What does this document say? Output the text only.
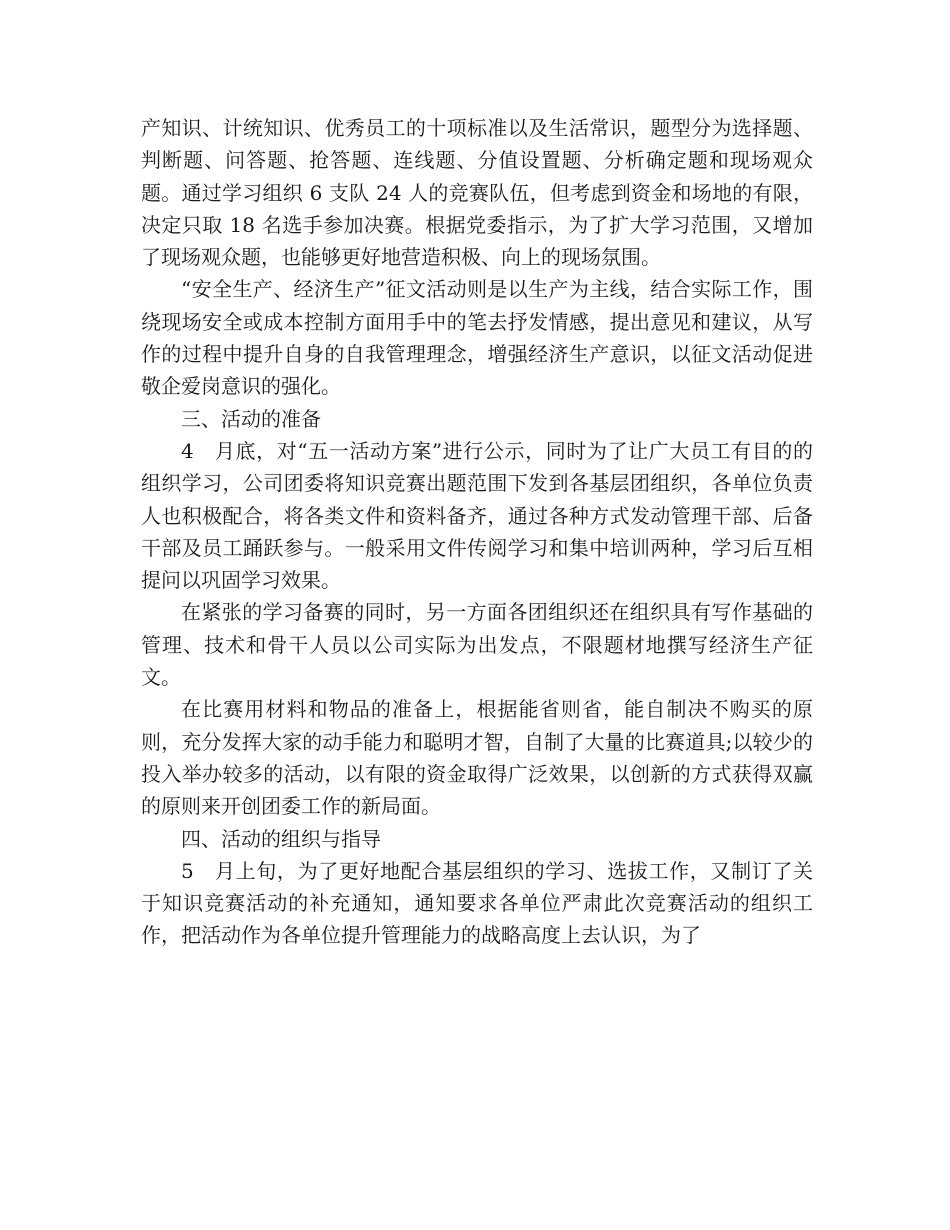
产知识、计统知识、优秀员工的十项标准以及生活常识，题型分为选择题、判断题、问答题、抢答题、连线题、分值设置题、分析确定题和现场观众题。通过学习组织 6 支队 24 人的竞赛队伍，但考虑到资金和场地的有限，决定只取 18 名选手参加决赛。根据党委指示，为了扩大学习范围，又增加了现场观众题，也能够更好地营造积极、向上的现场氛围。

“安全生产、经济生产”征文活动则是以生产为主线，结合实际工作，围绕现场安全或成本控制方面用手中的笔去抒发情感，提出意见和建议，从写作的过程中提升自身的自我管理理念，增强经济生产意识，以征文活动促进敬企爱岗意识的强化。

三、活动的准备

4　月底，对“五一活动方案”进行公示，同时为了让广大员工有目的的组织学习，公司团委将知识竞赛出题范围下发到各基层团组织，各单位负责人也积极配合，将各类文件和资料备齐，通过各种方式发动管理干部、后备干部及员工踊跃参与。一般采用文件传阅学习和集中培训两种，学习后互相提问以巩固学习效果。

在紧张的学习备赛的同时，另一方面各团组织还在组织具有写作基础的管理、技术和骨干人员以公司实际为出发点，不限题材地撰写经济生产征文。

在比赛用材料和物品的准备上，根据能省则省，能自制决不购买的原则，充分发挥大家的动手能力和聪明才智，自制了大量的比赛道具;以较少的投入举办较多的活动，以有限的资金取得广泛效果，以创新的方式获得双赢的原则来开创团委工作的新局面。

四、活动的组织与指导

5　月上旬，为了更好地配合基层组织的学习、选拔工作，又制订了关于知识竞赛活动的补充通知，通知要求各单位严肃此次竞赛活动的组织工作，把活动作为各单位提升管理能力的战略高度上去认识，为了
